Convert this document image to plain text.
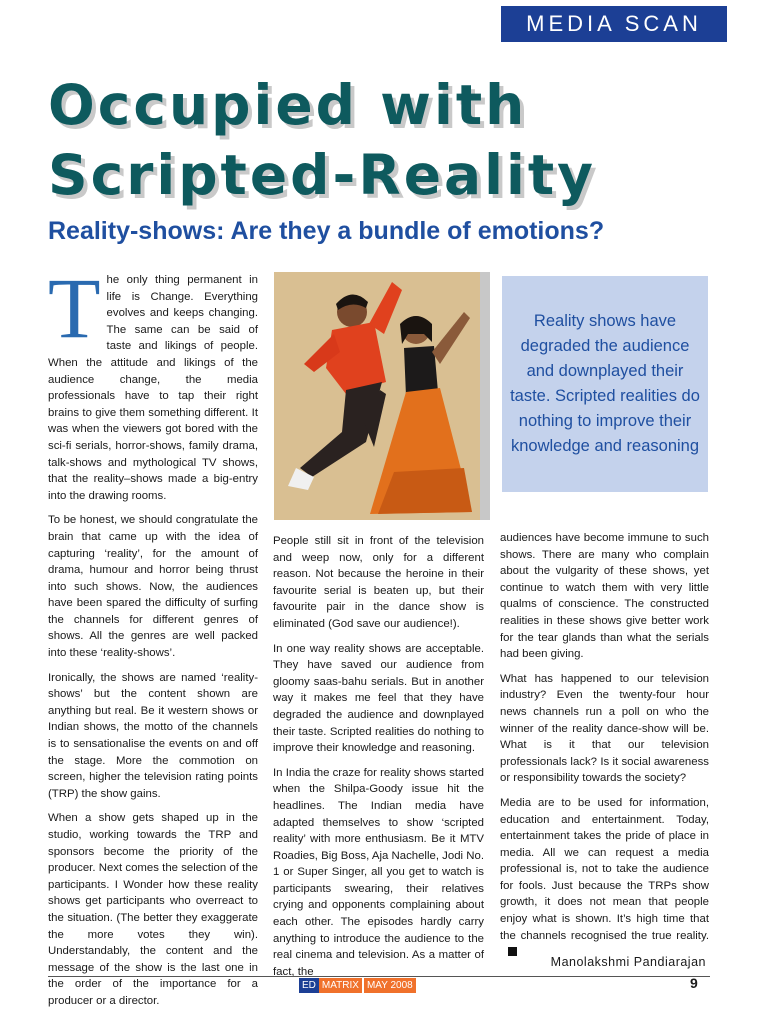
MEDIA SCAN
Occupied with
Scripted-Reality
Reality-shows: Are they a bundle of emotions?

The only thing permanent in life is Change. Everything evolves and keeps changing. The same can be said of taste and likings of people. When the attitude and likings of the audience change, the media professionals have to tap their right brains to give them something different. It was when the viewers got bored with the sci-fi serials, horror-shows, family drama, talk-shows and mythological TV shows, that the reality–shows made a big-entry into the drawing rooms.

To be honest, we should congratulate the brain that came up with the idea of capturing ‘reality’, for the amount of drama, humour and horror being thrust into such shows. Now, the audiences have been spared the difficulty of surfing the channels for different genres of shows. All the genres are well packed into these ‘reality-shows’.

Ironically, the shows are named ‘reality-shows’ but the content shown are anything but real. Be it western shows or Indian shows, the motto of the channels is to sensationalise the events on and off the stage. More the commotion on screen, higher the television rating points (TRP) the show gains.

When a show gets shaped up in the studio, working towards the TRP and sponsors become the priority of the producer. Next comes the selection of the participants. I Wonder how these reality shows get participants who overreact to the situation. (The better they exaggerate the more votes they win). Understandably, the content and the message of the show is the last one in the order of the importance for a producer or a director.

Reality shows have degraded the audience and downplayed their taste. Scripted realities do nothing to improve their knowledge and reasoning

People still sit in front of the television and weep now, only for a different reason. Not because the heroine in their favourite serial is beaten up, but their favourite pair in the dance show is eliminated (God save our audience!).

In one way reality shows are acceptable. They have saved our audience from gloomy saas-bahu serials. But in another way it makes me feel that they have degraded the audience and downplayed their taste. Scripted realities do nothing to improve their knowledge and reasoning.

In India the craze for reality shows started when the Shilpa-Goody issue hit the headlines. The Indian media have adapted themselves to show ‘scripted reality’ with more enthusiasm. Be it MTV Roadies, Big Boss, Aja Nachelle, Jodi No. 1 or Super Singer, all you get to watch is participants swearing, their relatives crying and opponents complaining about each other. The episodes hardly carry anything to introduce the audience to the real cinema and television. As a matter of fact, the

audiences have become immune to such shows. There are many who complain about the vulgarity of these shows, yet continue to watch them with very little qualms of conscience. The constructed realities in these shows give better work for the tear glands than what the serials had been giving.

What has happened to our television industry? Even the twenty-four hour news channels run a poll on who the winner of the reality dance-show will be. What is it that our television professionals lack? Is it social awareness or responsibility towards the society?

Media are to be used for information, education and entertainment. Today, entertainment takes the pride of place in media. All we can request a media professional is, not to take the audience for fools. Just because the TRPs show growth, it does not mean that people enjoy what is shown. It’s high time that the channels recognised the true reality.

Manolakshmi Pandiarajan
ED MATRIX MAY 2008	9
